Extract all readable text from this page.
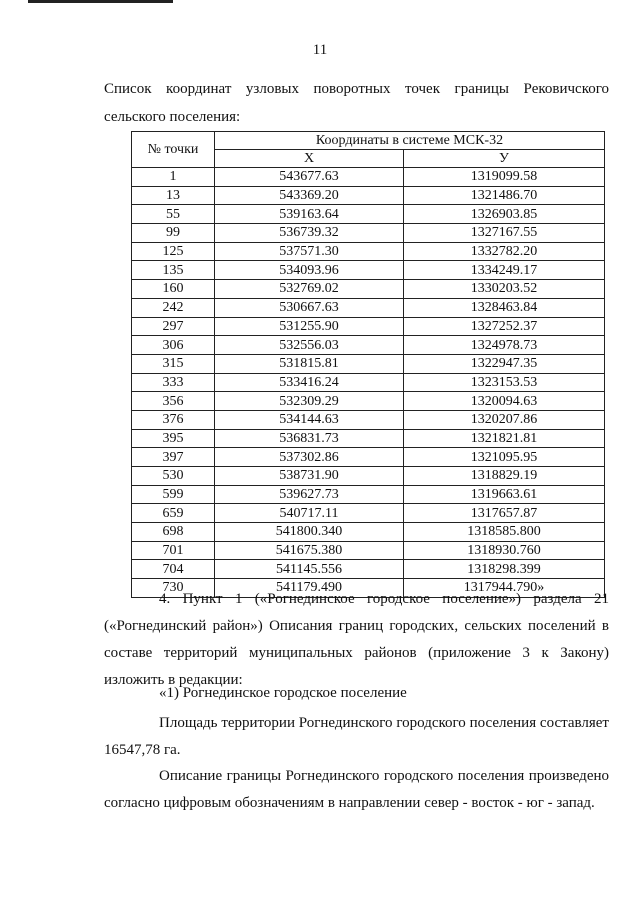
11
Список координат узловых поворотных точек границы Рековичского
сельского поселения:
№ точки	Координаты в системе МСК-32	
	X	У
1	543677.63	1319099.58
13	543369.20	1321486.70
55	539163.64	1326903.85
99	536739.32	1327167.55
125	537571.30	1332782.20
135	534093.96	1334249.17
160	532769.02	1330203.52
242	530667.63	1328463.84
297	531255.90	1327252.37
306	532556.03	1324978.73
315	531815.81	1322947.35
333	533416.24	1323153.53
356	532309.29	1320094.63
376	534144.63	1320207.86
395	536831.73	1321821.81
397	537302.86	1321095.95
530	538731.90	1318829.19
599	539627.73	1319663.61
659	540717.11	1317657.87
698	541800.340	1318585.800
701	541675.380	1318930.760
704	541145.556	1318298.399
730	541179.490	1317944.790»
4. Пункт 1 («Рогнединское городское поселение») раздела 21
(«Рогнединский район») Описания границ городских, сельских поселений в
составе территорий муниципальных районов (приложение 3 к Закону)
изложить в редакции:
«1) Рогнединское городское поселение
Площадь территории Рогнединского городского поселения составляет
16547,78 га.
Описание границы Рогнединского городского поселения произведено
согласно цифровым обозначениям в направлении север - восток - юг - запад.
